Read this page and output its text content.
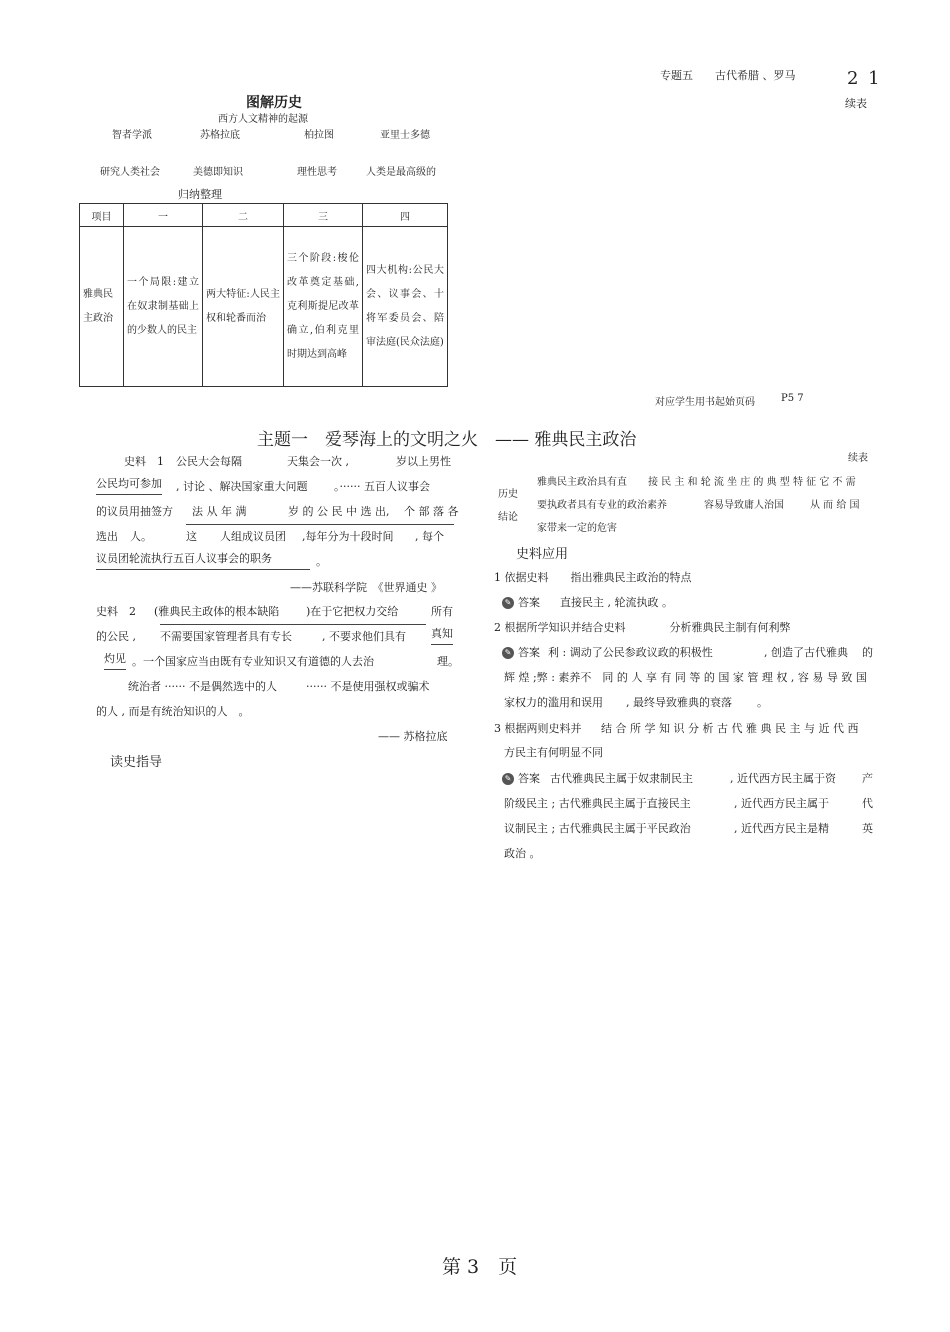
专题五 古代希腊 、罗马	2 1
续表
图解历史
西方人文精神的起源
智者学派	苏格拉底	柏拉图	亚里士多德
研究人类社会	美德即知识	理性思考	人类是最高级的
归纳整理
项目	一	二	三	四
雅典民主政治	一个局限:建立在奴隶制基础上的少数人的民主	两大特征:人民主权和轮番而治	三个阶段:梭伦改革奠定基础,克利斯提尼改革确立,伯利克里时期达到高峰	四大机构:公民大会、议事会、十将军委员会、陪审法庭(民众法庭)
对应学生用书起始页码	P5 7
主题一　爱琴海上的文明之火　—— 雅典民主政治
史料　1 公民大会每隔	天集会一次 ,	岁以上男性
公民均可参加 , 讨论 、解决国家重大问题 。······ 五百人议事会
的议员用抽签方 法 从 年 满	岁 的 公 民 中 选 出, 个 部 落 各
选出 人。	这 人组成议员团 ,每年分为十段时间 , 每个
议员团轮流执行五百人议事会的职务	。
——苏联科学院　《世界通史 》
史料　2 (雅典民主政体的根本缺陷 )在于它把权力交给	所有
的公民 , 不需要国家管理者具有专长	, 不要求他们具有 真知
灼见 。一个国家应当由既有专业知识又有道德的人去治	理。
统治者 ······ 不是偶然选中的人	······ 不是使用强权或骗术
的人 , 而是有统治知识的人　。
—— 苏格拉底
读史指导
续表
历史
结论
雅典民主政治具有直 接 民 主 和 轮 流 坐 庄 的 典 型 特 征 它 不 需
要执政者具有专业的政治素养	容易导致庸人治国	从 而 给 国
家带来一定的危害
史料应用
1 依据史料　　指出雅典民主政治的特点
✎ 答案 直接民主 , 轮流执政 。
2 根据所学知识并结合史料　　　　分析雅典民主制有何利弊
✎ 答案 利 : 调动了公民参政议政的积极性	, 创造了古代雅典 的
辉 煌 ;弊 : 素养不　同 的 人 享 有 同 等 的 国 家 管 理 权 , 容 易 导 致 国
家权力的滥用和误用 , 最终导致雅典的衰落 。
3 根据两则史料并 结 合 所 学 知 识 分 析 古 代 雅 典 民 主 与 近 代 西
方民主有何明显不同
✎ 答案 古代雅典民主属于奴隶制民主	, 近代西方民主属于资 产
阶级民主 ; 古代雅典民主属于直接民主	, 近代西方民主属于	代
议制民主 ; 古代雅典民主属于平民政治	, 近代西方民主是精	英
政治 。
第 3　页
